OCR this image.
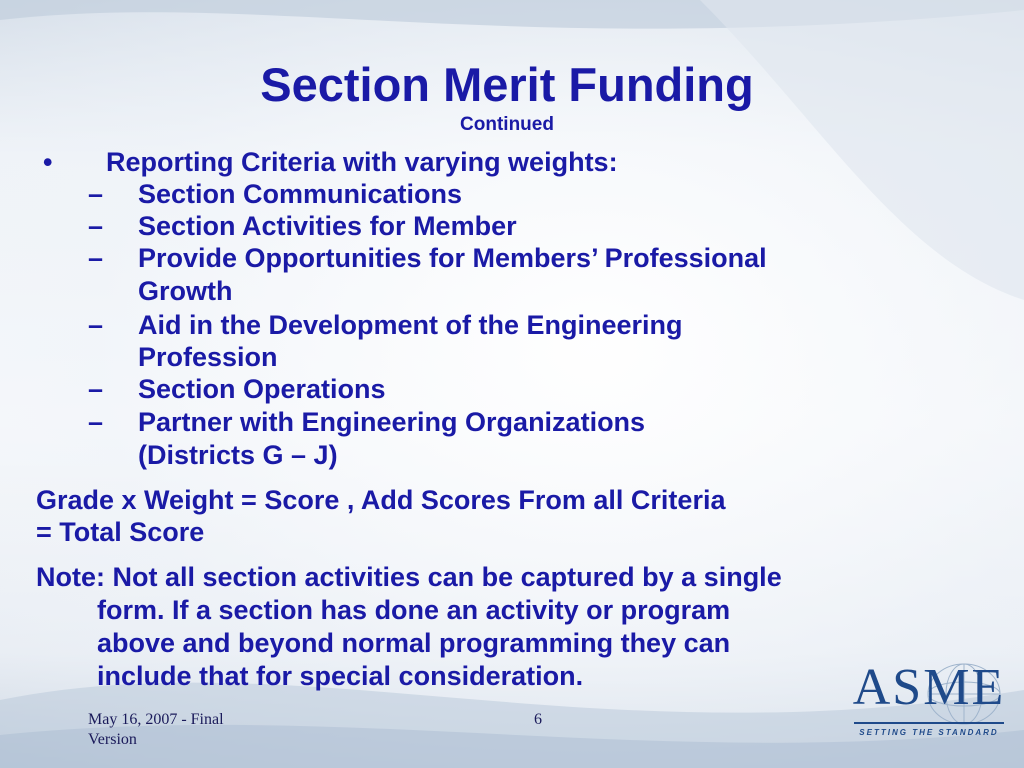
Section Merit Funding
Continued
• Reporting Criteria with varying weights:
– Section Communications
– Section Activities for Member
– Provide Opportunities for Members’ Professional
Growth
– Aid in the Development of the Engineering
Profession
– Section Operations
– Partner with Engineering Organizations
(Districts G – J)
Grade x Weight = Score , Add Scores From all Criteria
= Total Score
Note: Not all section activities can be captured by a single
form. If a section has done an activity or program
above and beyond normal programming they can
include that for special consideration.
May 16, 2007 - Final
Version
6
ASME
SETTING THE STANDARD
